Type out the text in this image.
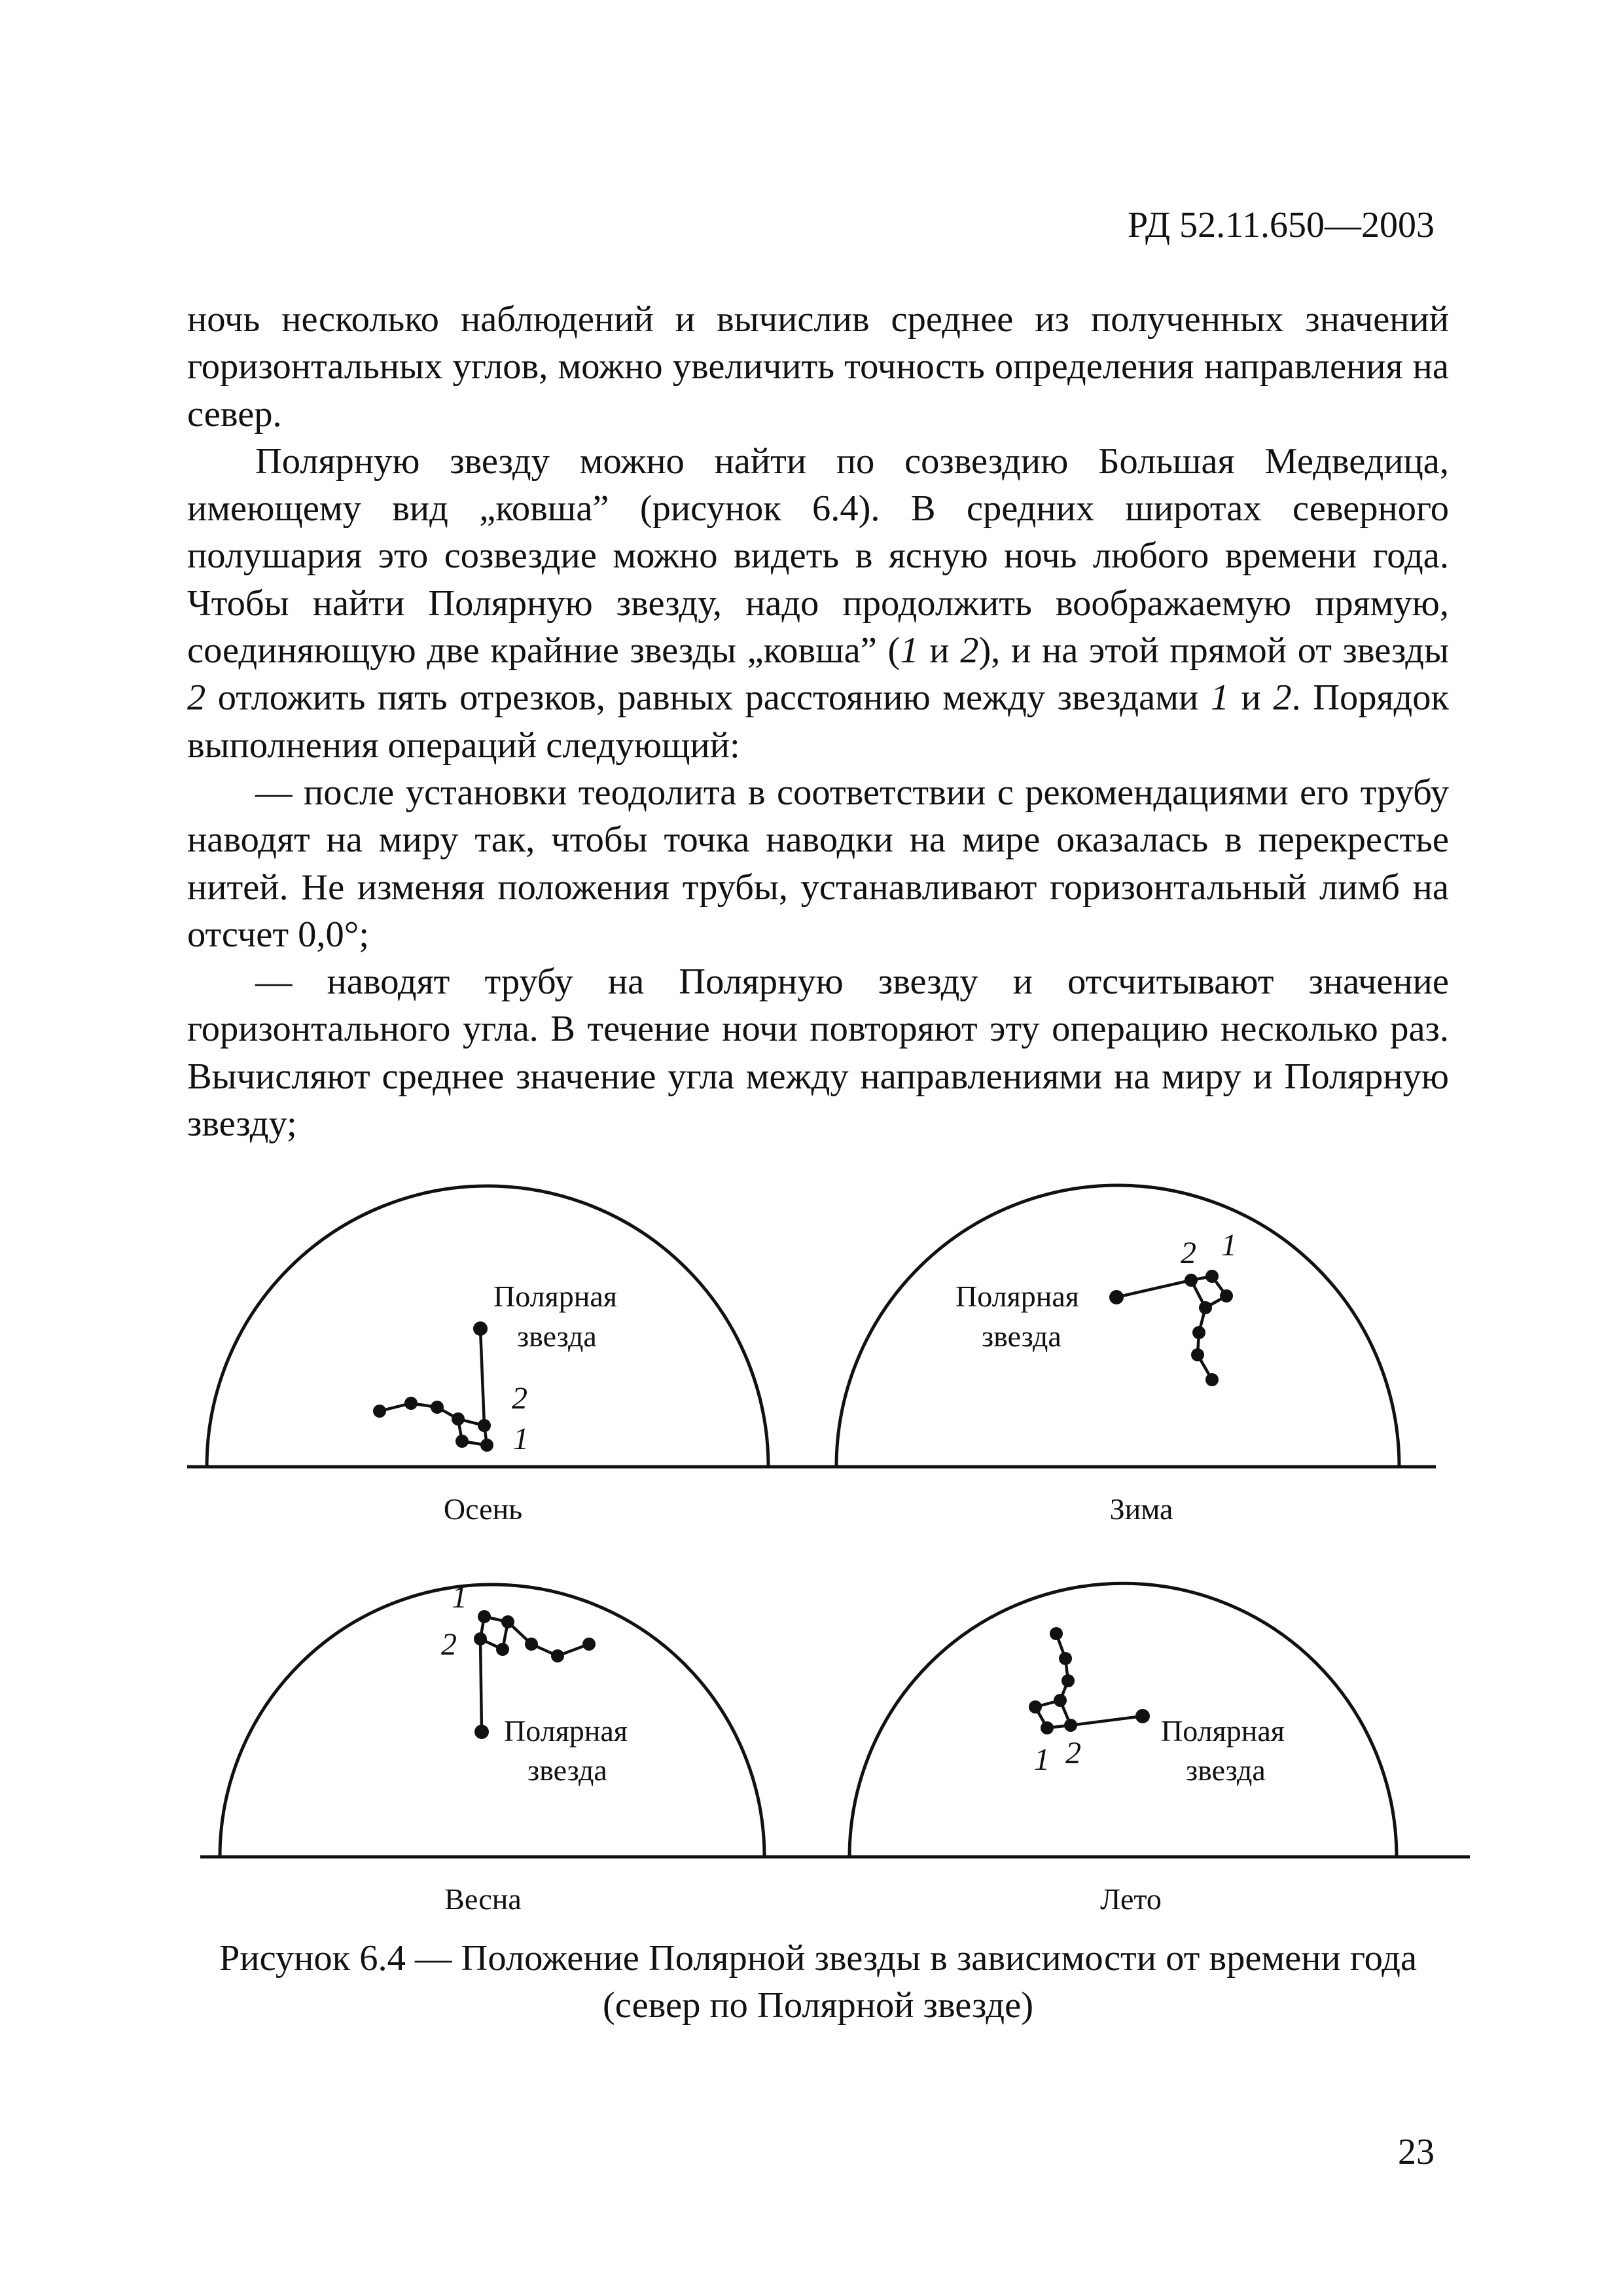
РД 52.11.650—2003

ночь несколько наблюдений и вычислив среднее из полученных значений горизонтальных углов, можно увеличить точность определения направления на север.

Полярную звезду можно найти по созвездию Большая Медведица, имеющему вид „ковша” (рисунок 6.4). В средних широтах северного полушария это созвездие можно видеть в ясную ночь любого времени года. Чтобы найти Полярную звезду, надо продолжить воображаемую прямую, соединяющую две крайние звезды „ковша” (1 и 2), и на этой прямой от звезды 2 отложить пять отрезков, равных расстоянию между звездами 1 и 2. Порядок выполнения операций следующий:

— после установки теодолита в соответствии с рекомендациями его трубу наводят на миру так, чтобы точка наводки на мире оказалась в перекрестье нитей. Не изменяя положения трубы, устанавливают горизонтальный лимб на отсчет 0,0°;

— наводят трубу на Полярную звезду и отсчитывают значение горизонтального угла. В течение ночи повторяют эту операцию несколько раз. Вычисляют среднее значение угла между направлениями на миру и Полярную звезду;

Полярная
звезда
2
1
Осень
Полярная
звезда
2 1
Зима
Полярная
звезда
1
2
Весна
Полярная
звезда
1 2
Лето

Рисунок 6.4 — Положение Полярной звезды в зависимости от времени года
(север по Полярной звезде)

23
